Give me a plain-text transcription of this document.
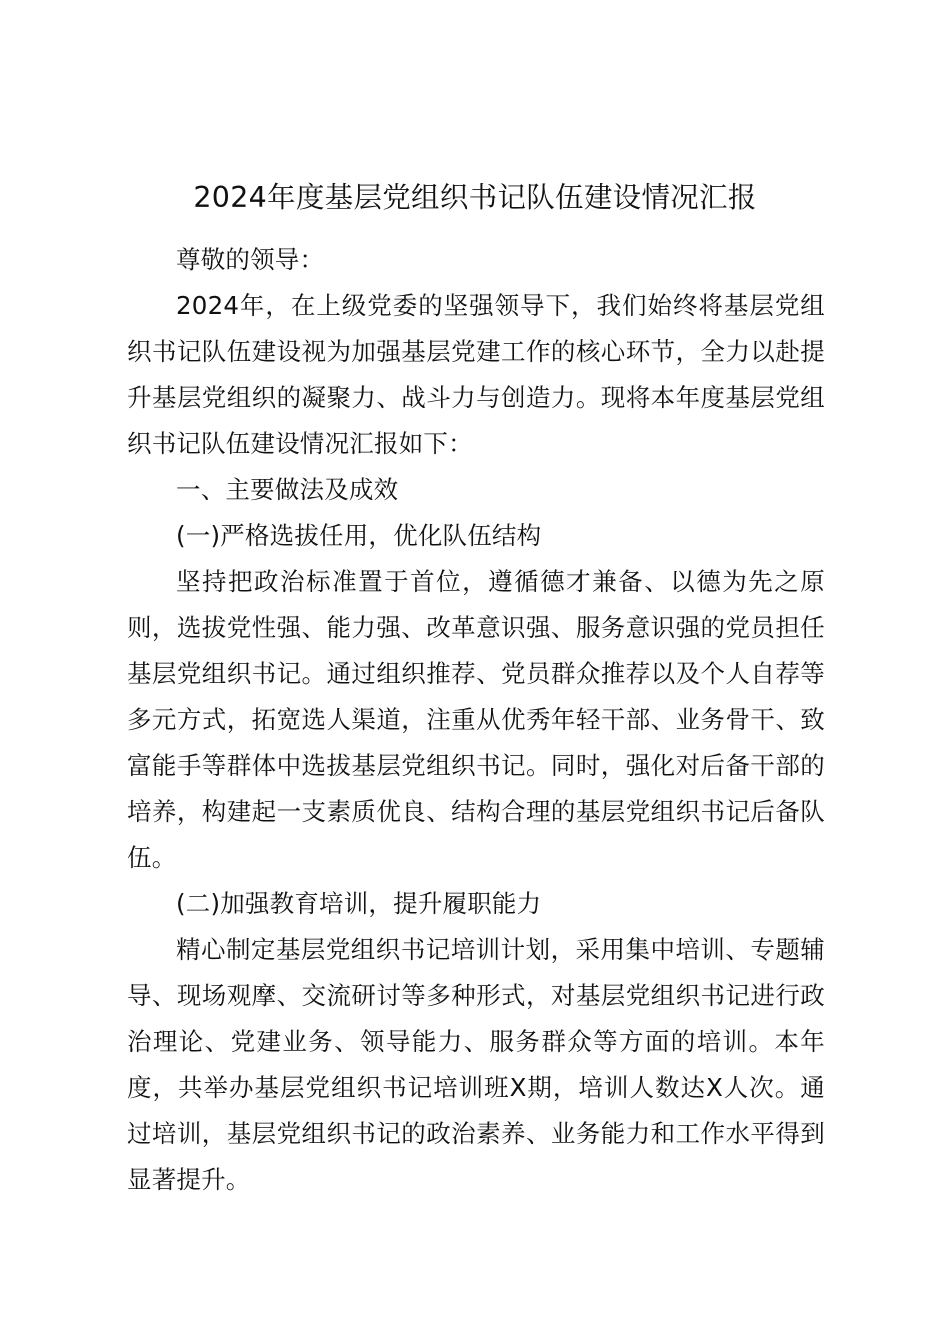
2024年度基层党组织书记队伍建设情况汇报

尊敬的领导：

2024年，在上级党委的坚强领导下，我们始终将基层党组织书记队伍建设视为加强基层党建工作的核心环节，全力以赴提升基层党组织的凝聚力、战斗力与创造力。现将本年度基层党组织书记队伍建设情况汇报如下：

一、主要做法及成效

(一)严格选拔任用，优化队伍结构

坚持把政治标准置于首位，遵循德才兼备、以德为先之原则，选拔党性强、能力强、改革意识强、服务意识强的党员担任基层党组织书记。通过组织推荐、党员群众推荐以及个人自荐等多元方式，拓宽选人渠道，注重从优秀年轻干部、业务骨干、致富能手等群体中选拔基层党组织书记。同时，强化对后备干部的培养，构建起一支素质优良、结构合理的基层党组织书记后备队伍。

(二)加强教育培训，提升履职能力

精心制定基层党组织书记培训计划，采用集中培训、专题辅导、现场观摩、交流研讨等多种形式，对基层党组织书记进行政治理论、党建业务、领导能力、服务群众等方面的培训。本年度，共举办基层党组织书记培训班X期，培训人数达X人次。通过培训，基层党组织书记的政治素养、业务能力和工作水平得到显著提升。
